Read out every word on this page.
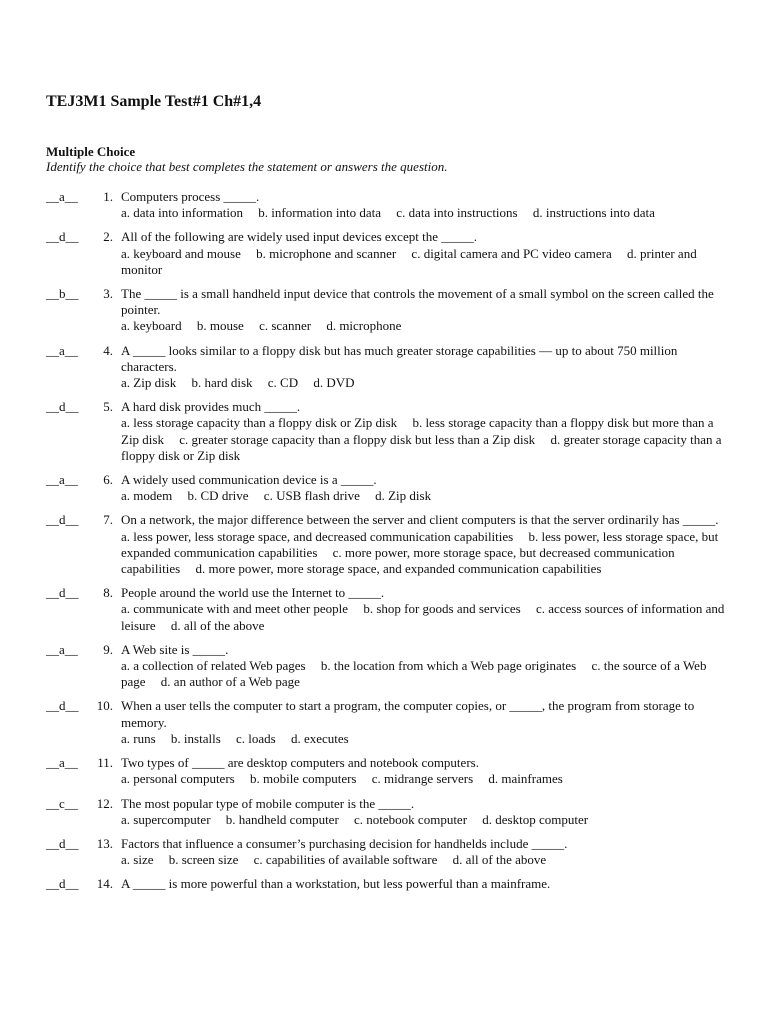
TEJ3M1 Sample Test#1 Ch#1,4
Multiple Choice
Identify the choice that best completes the statement or answers the question.
__a__	1. Computers process _____.
a. data into information b. information into data c. data into instructions d. instructions into data
__d__	2. All of the following are widely used input devices except the _____.
a. keyboard and mouse b. microphone and scanner c. digital camera and PC video camera d. printer and monitor
__b__	3. The _____ is a small handheld input device that controls the movement of a small symbol on the screen called the pointer.
a. keyboard b. mouse c. scanner d. microphone
__a__	4. A _____ looks similar to a floppy disk but has much greater storage capabilities — up to about 750 million characters.
a. Zip disk b. hard disk c. CD d. DVD
__d__	5. A hard disk provides much _____.
a. less storage capacity than a floppy disk or Zip disk b. less storage capacity than a floppy disk but more than a Zip disk c. greater storage capacity than a floppy disk but less than a Zip disk d. greater storage capacity than a floppy disk or Zip disk
__a__	6. A widely used communication device is a _____.
a. modem b. CD drive c. USB flash drive d. Zip disk
__d__	7. On a network, the major difference between the server and client computers is that the server ordinarily has _____.
a. less power, less storage space, and decreased communication capabilities b. less power, less storage space, but expanded communication capabilities c. more power, more storage space, but decreased communication capabilities d. more power, more storage space, and expanded communication capabilities
__d__	8. People around the world use the Internet to _____.
a. communicate with and meet other people b. shop for goods and services c. access sources of information and leisure d. all of the above
__a__	9. A Web site is _____.
a. a collection of related Web pages b. the location from which a Web page originates c. the source of a Web page d. an author of a Web page
__d__	10. When a user tells the computer to start a program, the computer copies, or _____, the program from storage to memory.
a. runs b. installs c. loads d. executes
__a__	11. Two types of _____ are desktop computers and notebook computers.
a. personal computers b. mobile computers c. midrange servers d. mainframes
__c__	12. The most popular type of mobile computer is the _____.
a. supercomputer b. handheld computer c. notebook computer d. desktop computer
__d__	13. Factors that influence a consumer’s purchasing decision for handhelds include _____.
a. size b. screen size c. capabilities of available software d. all of the above
__d__	14. A _____ is more powerful than a workstation, but less powerful than a mainframe.
